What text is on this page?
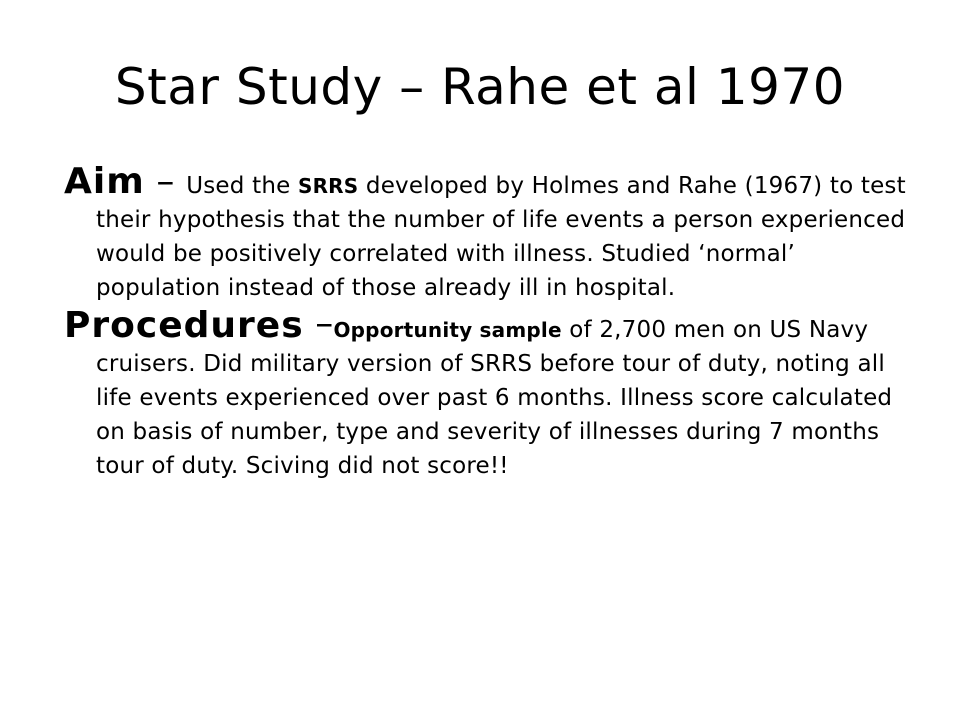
Star Study – Rahe et al 1970

Aim – Used the SRRS developed by Holmes and Rahe (1967) to test their hypothesis that the number of life events a person experienced would be positively correlated with illness. Studied ‘normal’ population instead of those already ill in hospital.

Procedures –Opportunity sample of 2,700 men on US Navy cruisers. Did military version of SRRS before tour of duty, noting all life events experienced over past 6 months. Illness score calculated on basis of number, type and severity of illnesses during 7 months tour of duty. Sciving did not score!!
